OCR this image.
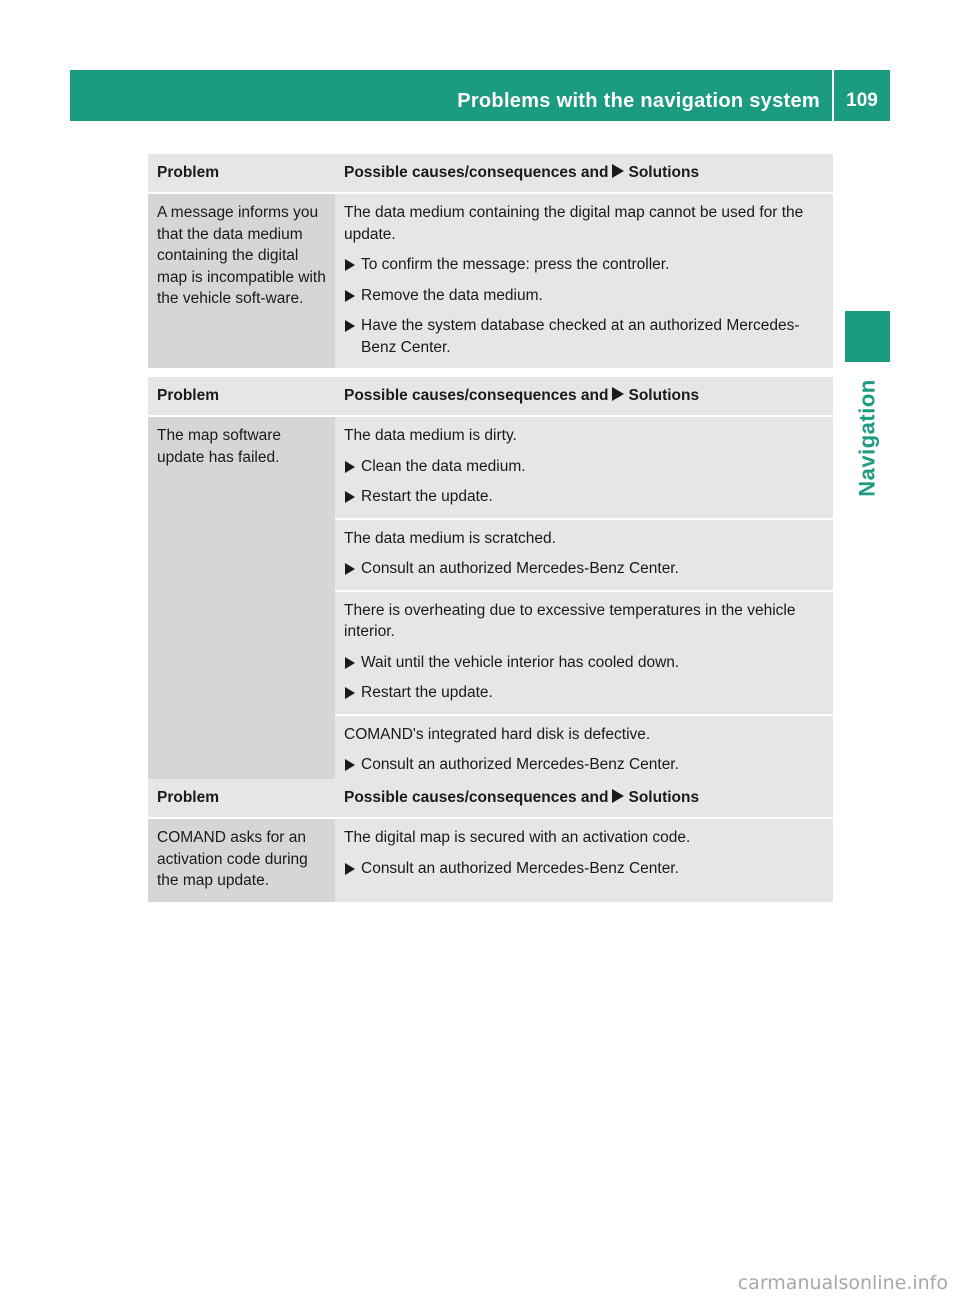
Problems with the navigation system	109
Navigation
Problem	Possible causes/consequences and Solutions
A message informs you that the data medium containing the digital map is incompatible with the vehicle soft-ware.	The data medium containing the digital map cannot be used for the update.

To confirm the message: press the controller.

Remove the data medium.

Have the system database checked at an authorized Mercedes-Benz Center.

Problem	Possible causes/consequences and Solutions
The map software update has failed.	The data medium is dirty.

Clean the data medium.

Restart the update.

	The data medium is scratched.

Consult an authorized Mercedes-Benz Center.

	There is overheating due to excessive temperatures in the vehicle interior.

Wait until the vehicle interior has cooled down.

Restart the update.

	COMAND's integrated hard disk is defective.

Consult an authorized Mercedes-Benz Center.

Problem	Possible causes/consequences and Solutions
COMAND asks for an activation code during the map update.	The digital map is secured with an activation code.

Consult an authorized Mercedes-Benz Center.

carmanualsonline.info
